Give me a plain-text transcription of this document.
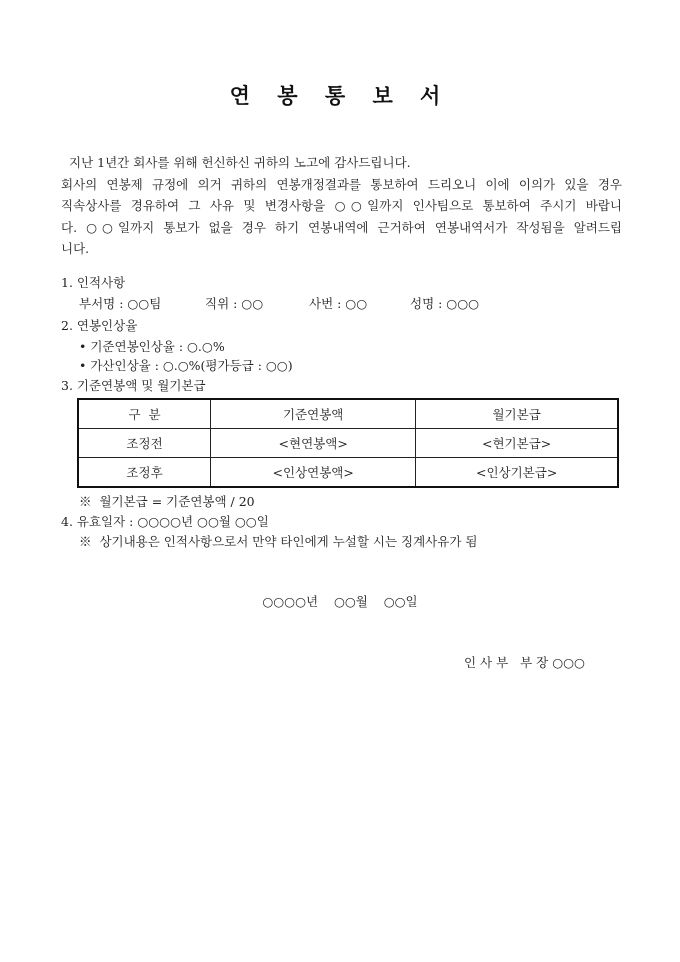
연 봉 통 보 서

지난 1년간 회사를 위해 헌신하신 귀하의 노고에 감사드립니다.

회사의 연봉제 규정에 의거 귀하의 연봉개정결과를 통보하여 드리오니 이에 이의가 있을 경우

직속상사를 경유하여 그 사유 및 변경사항을 ○○일까지 인사팀으로 통보하여 주시기 바랍니

다. ○○일까지 통보가 없을 경우 하기 연봉내역에 근거하여 연봉내역서가 작성됨을 알려드립

니다.

1. 인적사항
부서명 : ○○팀	직위 : ○○	사번 : ○○	성명 : ○○○
2. 연봉인상율
• 기준연봉인상율 : ○.○%
• 가산인상율 : ○.○%(평가등급 : ○○)
3. 기준연봉액 및 월기본급
구  분	기준연봉액	월기본급
조정전	<현연봉액>	<현기본급>
조정후	<인상연봉액>	<인상기본급>
※  월기본급 = 기준연봉액 / 20
4. 유효일자 : ○○○○년 ○○월 ○○일
※  상기내용은 인적사항으로서 만약 타인에게 누설할 시는 징계사유가 됨
○○○○년    ○○월    ○○일
인 사 부   부 장 ○○○
